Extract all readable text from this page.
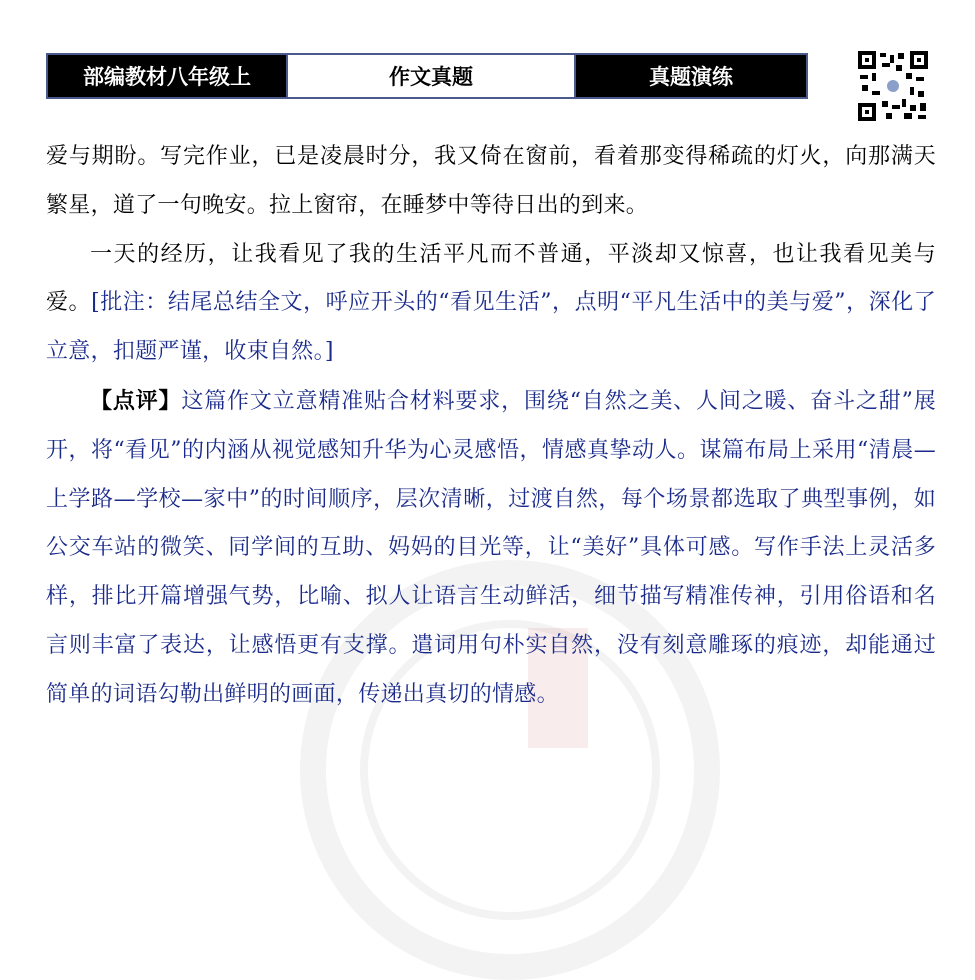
部编教材八年级上	作文真题	真题演练

爱与期盼。写完作业，已是凌晨时分，我又倚在窗前，看着那变得稀疏的灯火，向那满天繁星，道了一句晚安。拉上窗帘，在睡梦中等待日出的到来。

一天的经历，让我看见了我的生活平凡而不普通，平淡却又惊喜，也让我看见美与爱。[批注：结尾总结全文，呼应开头的“看见生活”，点明“平凡生活中的美与爱”，深化了立意，扣题严谨，收束自然。]

【点评】这篇作文立意精准贴合材料要求，围绕“自然之美、人间之暖、奋斗之甜”展开，将“看见”的内涵从视觉感知升华为心灵感悟，情感真挚动人。谋篇布局上采用“清晨—上学路—学校—家中”的时间顺序，层次清晰，过渡自然，每个场景都选取了典型事例，如公交车站的微笑、同学间的互助、妈妈的目光等，让“美好”具体可感。写作手法上灵活多样，排比开篇增强气势，比喻、拟人让语言生动鲜活，细节描写精准传神，引用俗语和名言则丰富了表达，让感悟更有支撑。遣词用句朴实自然，没有刻意雕琢的痕迹，却能通过简单的词语勾勒出鲜明的画面，传递出真切的情感。
